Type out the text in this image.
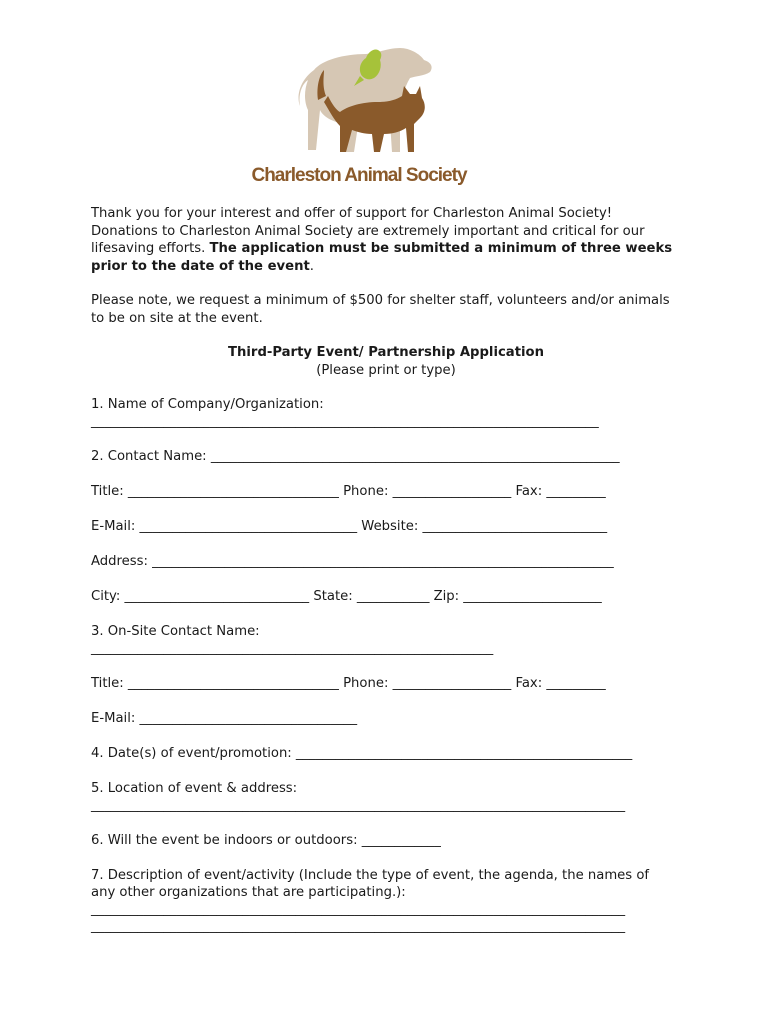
Charleston Animal Society
Thank you for your interest and offer of support for Charleston Animal Society! Donations to Charleston Animal Society are extremely important and critical for our lifesaving efforts. The application must be submitted a minimum of three weeks prior to the date of the event.
Please note, we request a minimum of $500 for shelter staff, volunteers and/or animals to be on site at the event.
Third-Party Event/ Partnership Application
(Please print or type)
1. Name of Company/Organization:
_____________________________________________________________________________
2. Contact Name: ______________________________________________________________
Title: ________________________________ Phone: __________________ Fax: _________
E-Mail: _________________________________ Website: ____________________________
Address: ______________________________________________________________________
City: ____________________________ State: ___________ Zip: _____________________
3. On-Site Contact Name:
_____________________________________________________________
Title: ________________________________ Phone: __________________ Fax: _________
E-Mail: _________________________________
4. Date(s) of event/promotion: ___________________________________________________
5. Location of event & address:
_________________________________________________________________________________
6. Will the event be indoors or outdoors: ____________
7. Description of event/activity (Include the type of event, the agenda, the names of
any other organizations that are participating.):
_________________________________________________________________________________
_________________________________________________________________________________
